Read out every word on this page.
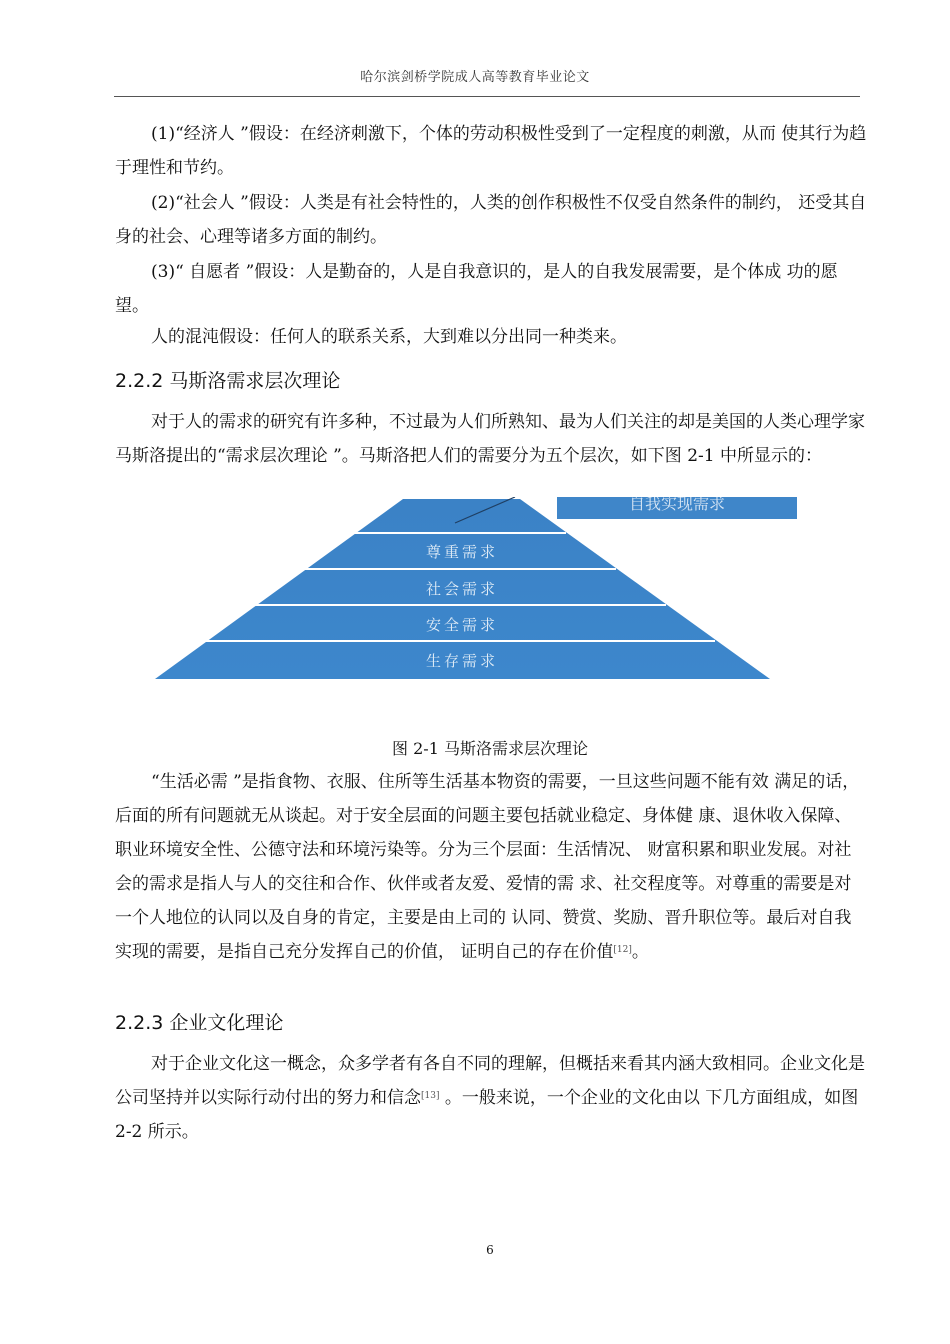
哈尔滨剑桥学院成人高等教育毕业论文

(1)“经济人 ”假设：在经济刺激下，个体的劳动积极性受到了一定程度的刺激，从而 使其行为趋于理性和节约。

(2)“社会人 ”假设：人类是有社会特性的，人类的创作积极性不仅受自然条件的制约， 还受其自身的社会、心理等诸多方面的制约。

(3)“ 自愿者 ”假设：人是勤奋的，人是自我意识的，是人的自我发展需要，是个体成 功的愿望。

人的混沌假设：任何人的联系关系，大到难以分出同一种类来。

2.2.2 马斯洛需求层次理论

对于人的需求的研究有许多种，不过最为人们所熟知、最为人们关注的却是美国的人类心理学家马斯洛提出的“需求层次理论 ”。马斯洛把人们的需要分为五个层次，如下图 2-1 中所显示的：

自我实现需求
尊重需求
社会需求
安全需求
生存需求
图 2-1 马斯洛需求层次理论

“生活必需 ”是指食物、衣服、住所等生活基本物资的需要，一旦这些问题不能有效 满足的话，后面的所有问题就无从谈起。对于安全层面的问题主要包括就业稳定、身体健 康、退休收入保障、职业环境安全性、公德守法和环境污染等。分为三个层面：生活情况、 财富积累和职业发展。对社会的需求是指人与人的交往和合作、伙伴或者友爱、爱情的需 求、社交程度等。对尊重的需要是对一个人地位的认同以及自身的肯定，主要是由上司的 认同、赞赏、奖励、晋升职位等。最后对自我实现的需要，是指自己充分发挥自己的价值， 证明自己的存在价值[12]。

2.2.3 企业文化理论

对于企业文化这一概念，众多学者有各自不同的理解，但概括来看其内涵大致相同。企业文化是公司坚持并以实际行动付出的努力和信念[13] 。一般来说，一个企业的文化由以 下几方面组成，如图 2-2 所示。

6
